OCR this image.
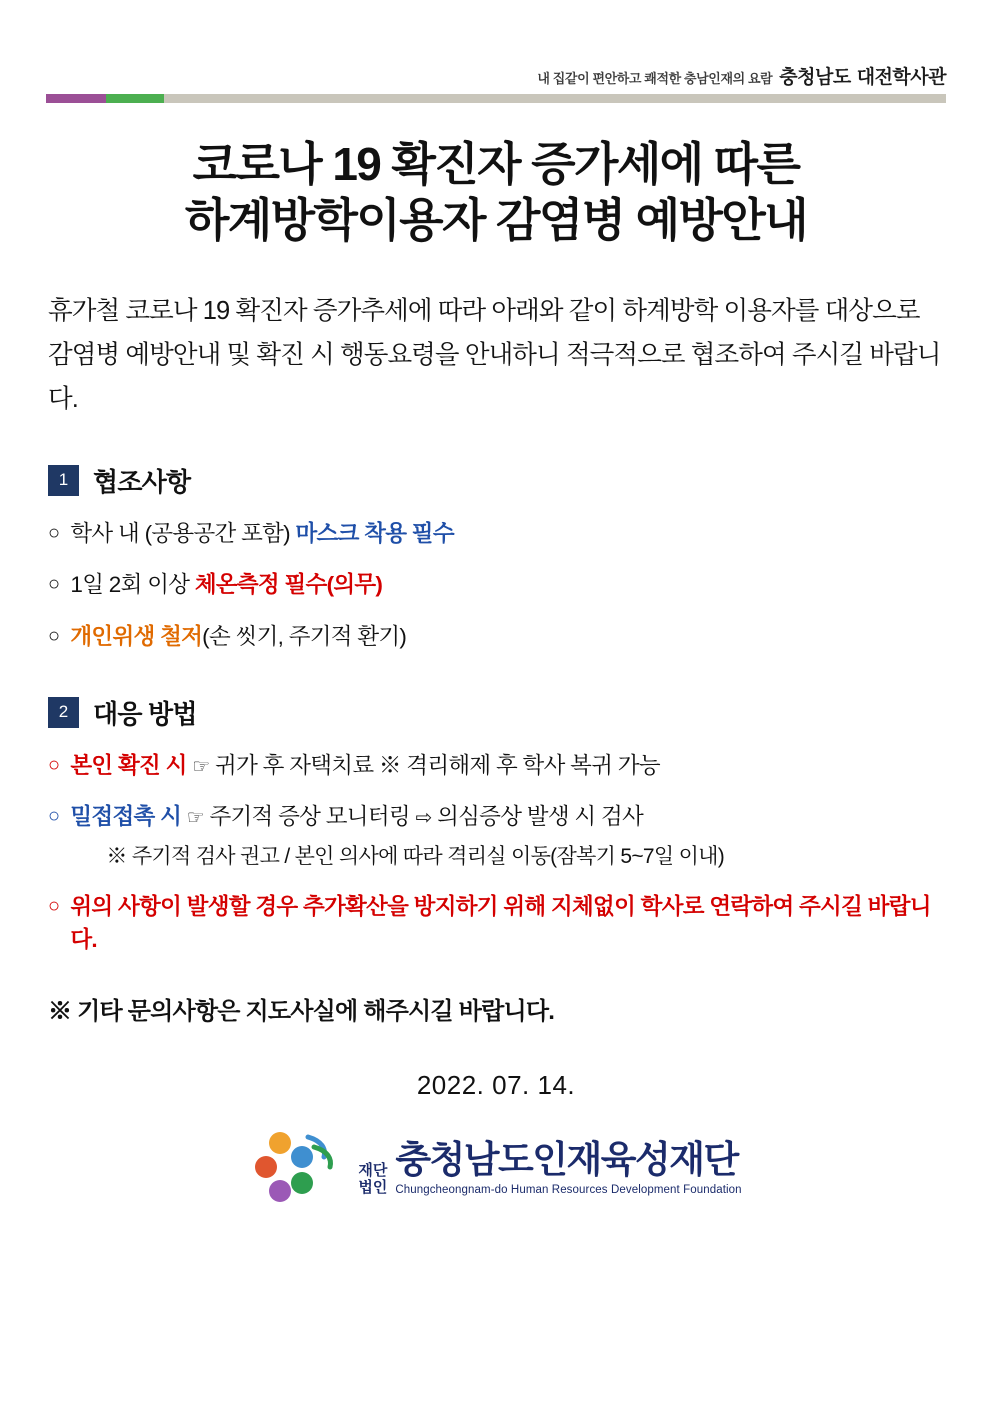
내 집같이 편안하고 쾌적한 충남인재의 요람 충청남도 대전학사관
코로나 19 확진자 증가세에 따른
하계방학이용자 감염병 예방안내

휴가철 코로나 19 확진자 증가추세에 따라 아래와 같이 하계방학 이용자를 대상으로 감염병 예방안내 및 확진 시 행동요령을 안내하니 적극적으로 협조하여 주시길 바랍니다.

1 협조사항
○ 학사 내 (공용공간 포함) 마스크 착용 필수
○ 1일 2회 이상 체온측정 필수(의무)
○ 개인위생 철저(손 씻기, 주기적 환기)
2 대응 방법
○ 본인 확진 시 ☞ 귀가 후 자택치료 ※ 격리해제 후 학사 복귀 가능
○ 밀접접촉 시 ☞ 주기적 증상 모니터링 ⇨ 의심증상 발생 시 검사
※ 주기적 검사 권고 / 본인 의사에 따라 격리실 이동(잠복기 5~7일 이내)
○ 위의 사항이 발생할 경우 추가확산을 방지하기 위해 지체없이 학사로 연락하여 주시길 바랍니다.
※ 기타 문의사항은 지도사실에 해주시길 바랍니다.
2022. 07. 14.
재단
법인
충청남도인재육성재단
Chungcheongnam-do Human Resources Development Foundation
